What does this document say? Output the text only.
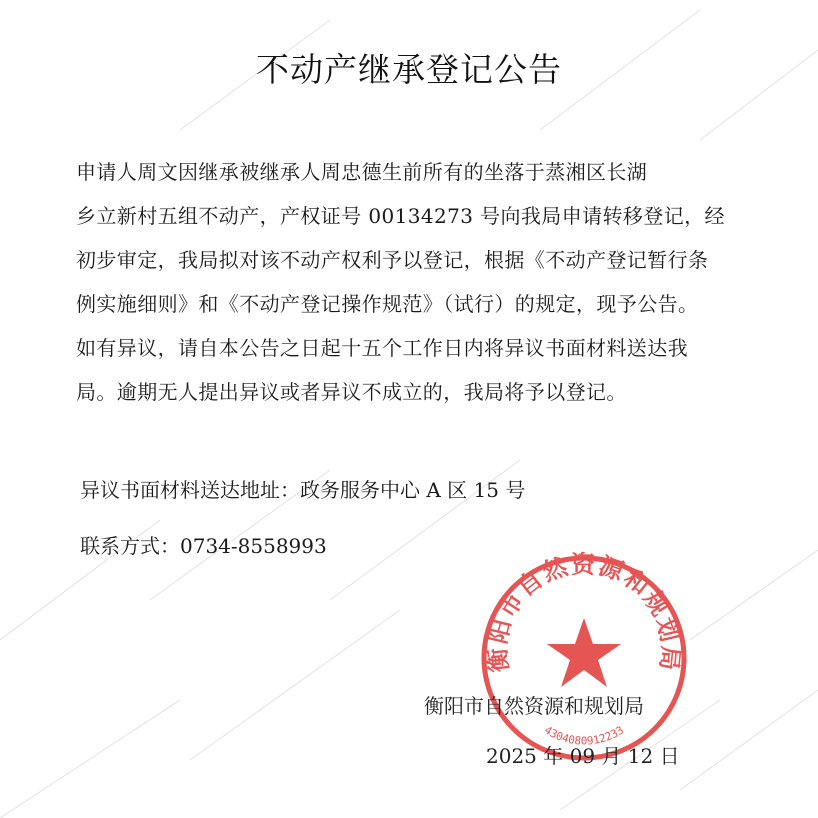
不动产继承登记公告
申请人周文因继承被继承人周忠德生前所有的坐落于蒸湘区长湖
乡立新村五组不动产，产权证号 00134273 号向我局申请转移登记，经
初步审定，我局拟对该不动产权利予以登记，根据《不动产登记暂行条
例实施细则》和《不动产登记操作规范》（试行）的规定，现予公告。
如有异议，请自本公告之日起十五个工作日内将异议书面材料送达我
局。逾期无人提出异议或者异议不成立的，我局将予以登记。
异议书面材料送达地址：政务服务中心 A 区 15 号
联系方式：0734-8558993
衡阳市自然资源和规划局
4304080912233
衡阳市自然资源和规划局
2025 年 09 月 12 日
